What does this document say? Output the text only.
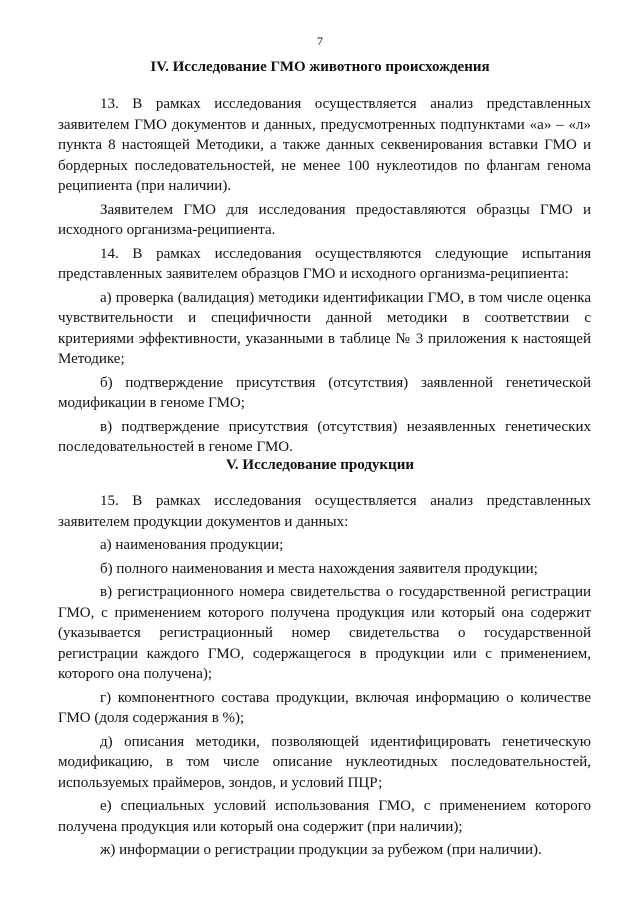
7
IV. Исследование ГМО животного происхождения

13. В рамках исследования осуществляется анализ представленных заявителем ГМО документов и данных, предусмотренных подпунктами «а» – «л» пункта 8 настоящей Методики, а также данных секвенирования вставки ГМО и бордерных последовательностей, не менее 100 нуклеотидов по флангам генома реципиента (при наличии).

Заявителем ГМО для исследования предоставляются образцы ГМО и исходного организма-реципиента.

14. В рамках исследования осуществляются следующие испытания представленных заявителем образцов ГМО и исходного организма-реципиента:

а) проверка (валидация) методики идентификации ГМО, в том числе оценка чувствительности и специфичности данной методики в соответствии с критериями эффективности, указанными в таблице № 3 приложения к настоящей Методике;

б) подтверждение присутствия (отсутствия) заявленной генетической модификации в геноме ГМО;

в) подтверждение присутствия (отсутствия) незаявленных генетических последовательностей в геноме ГМО.

V. Исследование продукции

15. В рамках исследования осуществляется анализ представленных заявителем продукции документов и данных:

а) наименования продукции;

б) полного наименования и места нахождения заявителя продукции;

в) регистрационного номера свидетельства о государственной регистрации ГМО, с применением которого получена продукция или который она содержит (указывается регистрационный номер свидетельства о государственной регистрации каждого ГМО, содержащегося в продукции или с применением, которого она получена);

г) компонентного состава продукции, включая информацию о количестве ГМО (доля содержания в %);

д) описания методики, позволяющей идентифицировать генетическую модификацию, в том числе описание нуклеотидных последовательностей, используемых праймеров, зондов, и условий ПЦР;

е) специальных условий использования ГМО, с применением которого получена продукция или который она содержит (при наличии);

ж) информации о регистрации продукции за рубежом (при наличии).
